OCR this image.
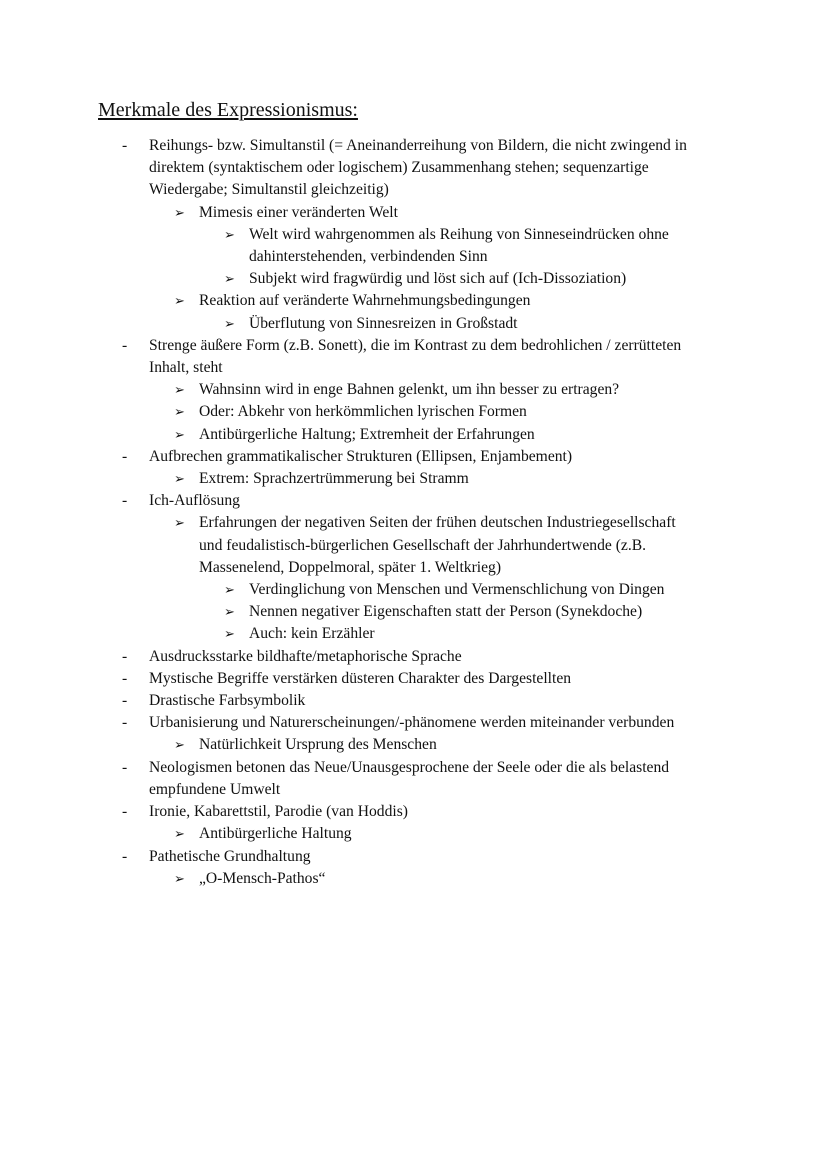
Merkmale des Expressionismus:
- Reihungs- bzw. Simultanstil (= Aneinanderreihung von Bildern, die nicht zwingend in
direktem (syntaktischem oder logischem) Zusammenhang stehen; sequenzartige
Wiedergabe; Simultanstil gleichzeitig)
➢ Mimesis einer veränderten Welt
➢ Welt wird wahrgenommen als Reihung von Sinneseindrücken ohne
dahinterstehenden, verbindenden Sinn
➢ Subjekt wird fragwürdig und löst sich auf (Ich-Dissoziation)
➢ Reaktion auf veränderte Wahrnehmungsbedingungen
➢ Überflutung von Sinnesreizen in Großstadt
- Strenge äußere Form (z.B. Sonett), die im Kontrast zu dem bedrohlichen / zerrütteten
Inhalt, steht
➢ Wahnsinn wird in enge Bahnen gelenkt, um ihn besser zu ertragen?
➢ Oder: Abkehr von herkömmlichen lyrischen Formen
➢ Antibürgerliche Haltung; Extremheit der Erfahrungen
- Aufbrechen grammatikalischer Strukturen (Ellipsen, Enjambement)
➢ Extrem: Sprachzertrümmerung bei Stramm
- Ich-Auflösung
➢ Erfahrungen der negativen Seiten der frühen deutschen Industriegesellschaft
und feudalistisch-bürgerlichen Gesellschaft der Jahrhundertwende (z.B.
Massenelend, Doppelmoral, später 1. Weltkrieg)
➢ Verdinglichung von Menschen und Vermenschlichung von Dingen
➢ Nennen negativer Eigenschaften statt der Person (Synekdoche)
➢ Auch: kein Erzähler
- Ausdrucksstarke bildhafte/metaphorische Sprache
- Mystische Begriffe verstärken düsteren Charakter des Dargestellten
- Drastische Farbsymbolik
- Urbanisierung und Naturerscheinungen/-phänomene werden miteinander verbunden
➢ Natürlichkeit Ursprung des Menschen
- Neologismen betonen das Neue/Unausgesprochene der Seele oder die als belastend
empfundene Umwelt
- Ironie, Kabarettstil, Parodie (van Hoddis)
➢ Antibürgerliche Haltung
- Pathetische Grundhaltung
➢ „O-Mensch-Pathos“
